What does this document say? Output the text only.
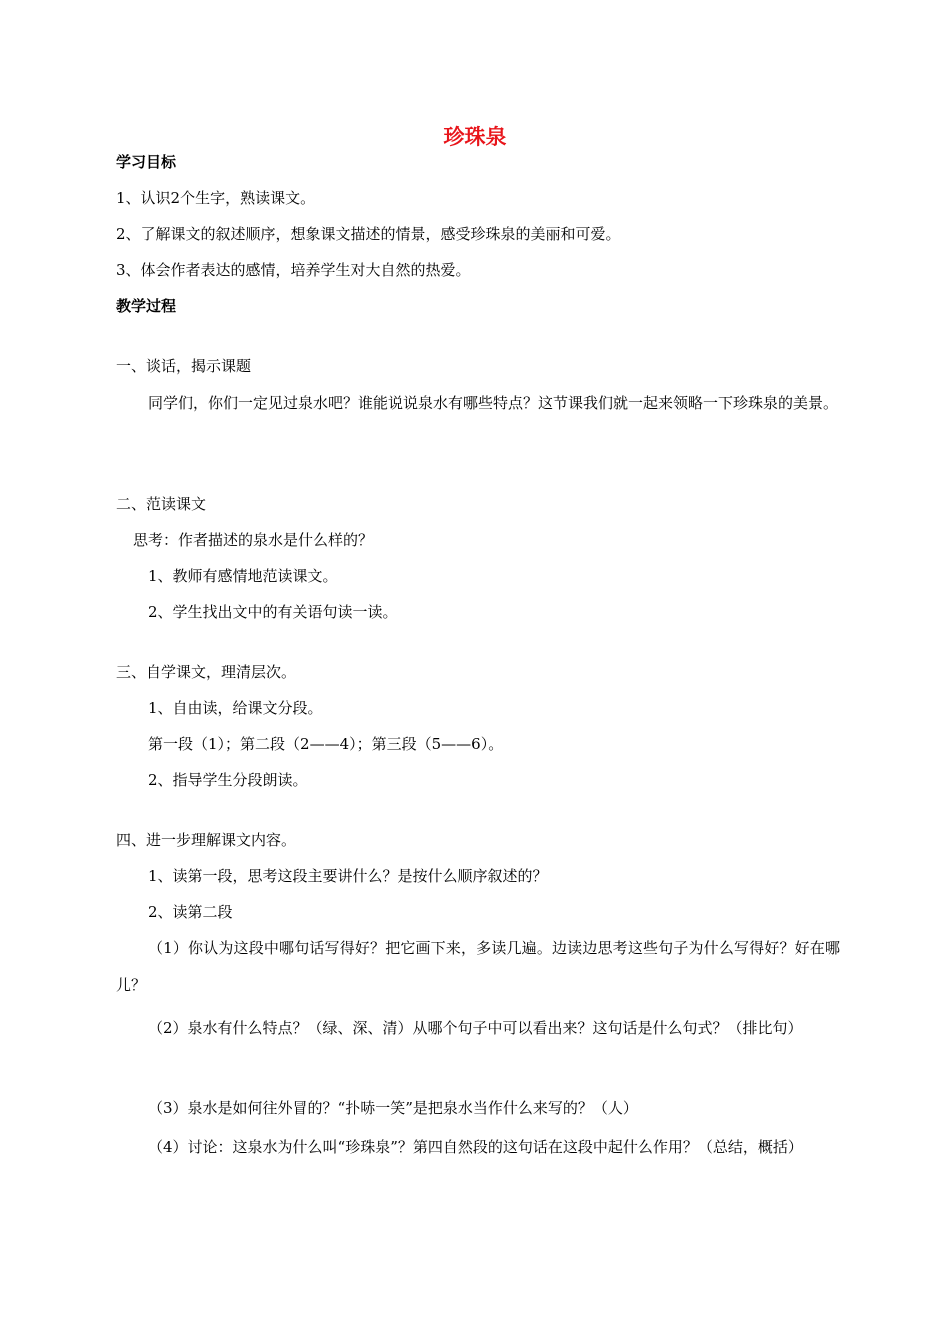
珍珠泉
学习目标
1、认识2个生字，熟读课文。
2、了解课文的叙述顺序，想象课文描述的情景，感受珍珠泉的美丽和可爱。
3、体会作者表达的感情，培养学生对大自然的热爱。
教学过程
一、谈话，揭示课题
同学们，你们一定见过泉水吧？谁能说说泉水有哪些特点？这节课我们就一起来领略一下珍珠泉的美景。
二、范读课文
思考：作者描述的泉水是什么样的？
1、教师有感情地范读课文。
2、学生找出文中的有关语句读一读。
三、自学课文，理清层次。
1、自由读，给课文分段。
第一段（1）；第二段（2——4）；第三段（5——6）。
2、指导学生分段朗读。
四、进一步理解课文内容。
1、读第一段，思考这段主要讲什么？是按什么顺序叙述的？
2、读第二段
（1）你认为这段中哪句话写得好？把它画下来，多读几遍。边读边思考这些句子为什么写得好？好在哪儿？
（2）泉水有什么特点？（绿、深、清）从哪个句子中可以看出来？这句话是什么句式？（排比句）
（3）泉水是如何往外冒的？“扑哧一笑”是把泉水当作什么来写的？（人）
（4）讨论：这泉水为什么叫“珍珠泉”？第四自然段的这句话在这段中起什么作用？（总结，概括）
